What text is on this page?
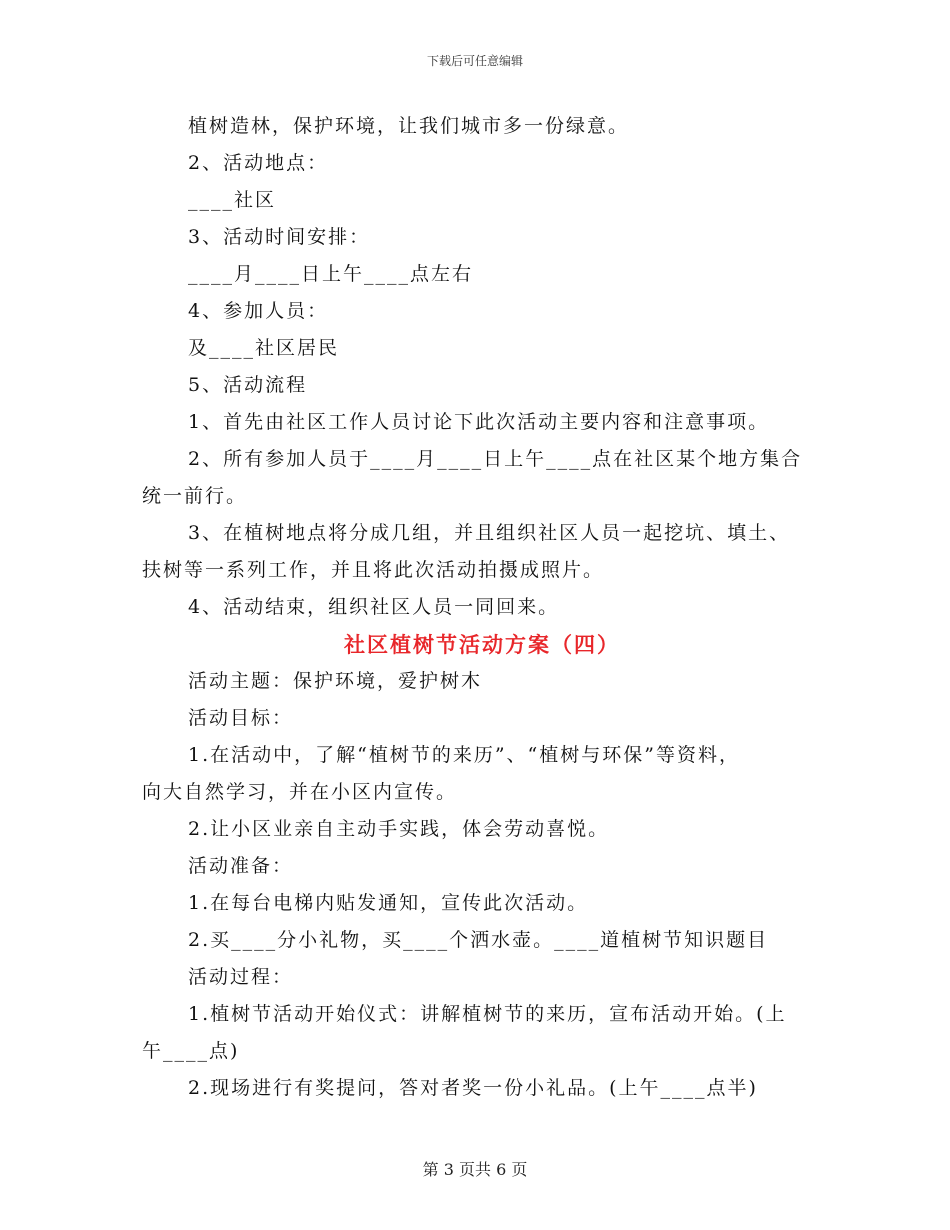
下载后可任意编辑
植树造林，保护环境，让我们城市多一份绿意。
2、活动地点：
____社区
3、活动时间安排：
____月____日上午____点左右
4、参加人员：
及____社区居民
5、活动流程
1、首先由社区工作人员讨论下此次活动主要内容和注意事项。
2、所有参加人员于____月____日上午____点在社区某个地方集合
统一前行。
3、在植树地点将分成几组，并且组织社区人员一起挖坑、填土、
扶树等一系列工作，并且将此次活动拍摄成照片。
4、活动结束，组织社区人员一同回来。
社区植树节活动方案（四）
活动主题：保护环境，爱护树木
活动目标：
1.在活动中，了解“植树节的来历”、“植树与环保”等资料，
向大自然学习，并在小区内宣传。
2.让小区业亲自主动手实践，体会劳动喜悦。
活动准备：
1.在每台电梯内贴发通知，宣传此次活动。
2.买____分小礼物，买____个洒水壶。____道植树节知识题目
活动过程：
1.植树节活动开始仪式：讲解植树节的来历，宣布活动开始。(上
午____点)
2.现场进行有奖提问，答对者奖一份小礼品。(上午____点半)
第 3 页共 6 页
